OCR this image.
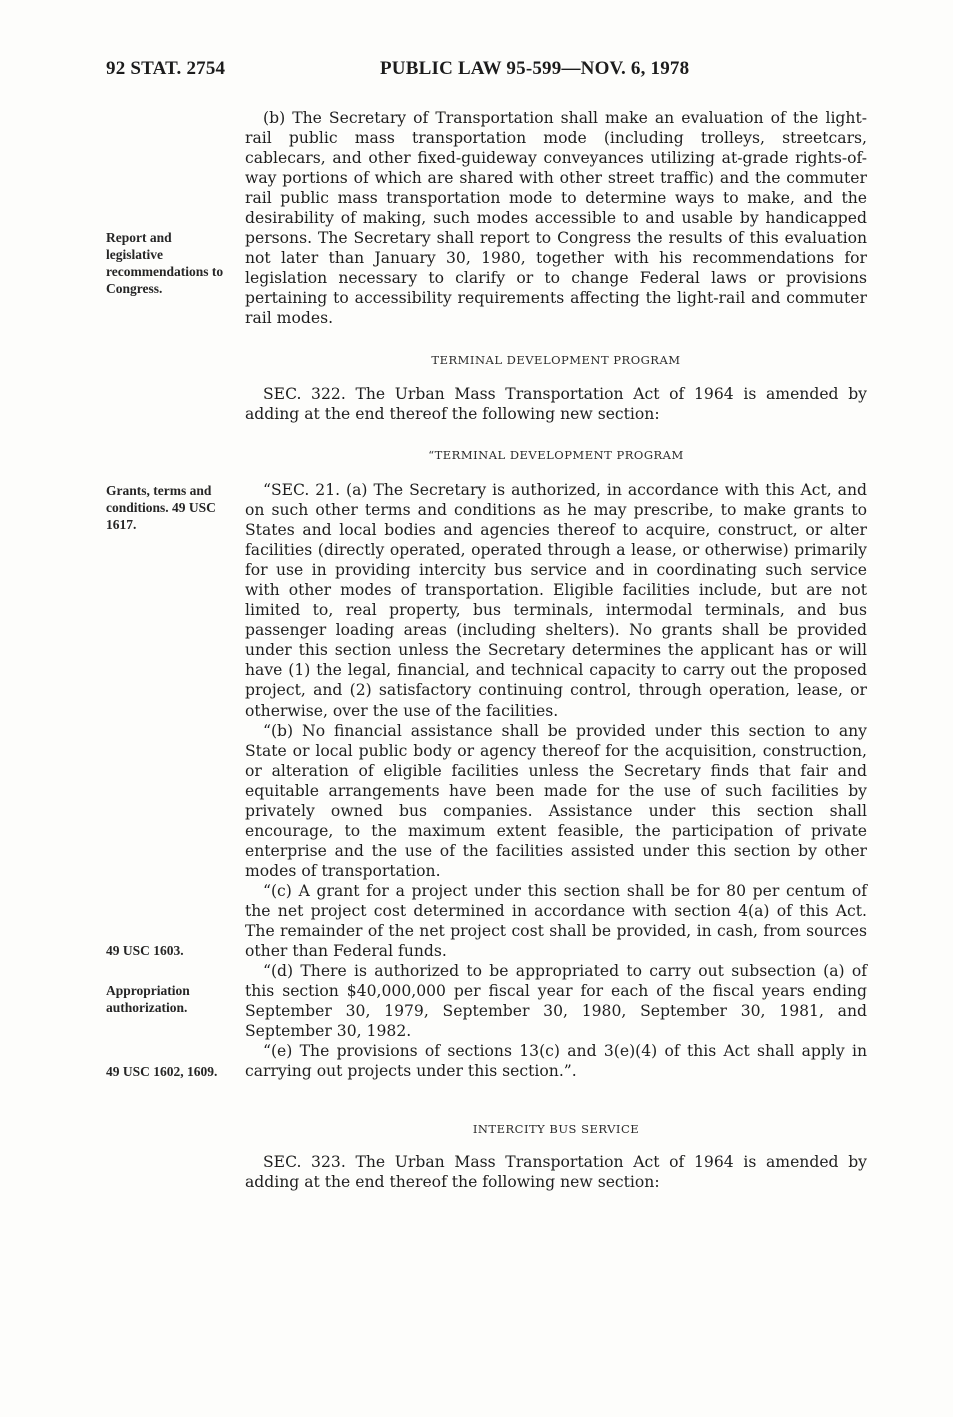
92 STAT. 2754	PUBLIC LAW 95-599—NOV. 6, 1978
Report and legislative recommendations to Congress.
Grants, terms and conditions. 49 USC 1617.
49 USC 1603.
Appropriation authorization.
49 USC 1602, 1609.

(b) The Secretary of Transportation shall make an evaluation of the light-rail public mass transportation mode (including trolleys, streetcars, cablecars, and other fixed-guideway conveyances utilizing at-grade rights-of-way portions of which are shared with other street traffic) and the commuter rail public mass transportation mode to determine ways to make, and the desirability of making, such modes accessible to and usable by handicapped persons. The Secretary shall report to Congress the results of this evaluation not later than January 30, 1980, together with his recommendations for legislation necessary to clarify or to change Federal laws or provisions pertaining to accessibility requirements affecting the light-rail and commuter rail modes.

TERMINAL DEVELOPMENT PROGRAM

SEC. 322. The Urban Mass Transportation Act of 1964 is amended by adding at the end thereof the following new section:

“TERMINAL DEVELOPMENT PROGRAM

“SEC. 21. (a) The Secretary is authorized, in accordance with this Act, and on such other terms and conditions as he may prescribe, to make grants to States and local bodies and agencies thereof to acquire, construct, or alter facilities (directly operated, operated through a lease, or otherwise) primarily for use in providing intercity bus service and in coordinating such service with other modes of transportation. Eligible facilities include, but are not limited to, real property, bus terminals, intermodal terminals, and bus passenger loading areas (including shelters). No grants shall be provided under this section unless the Secretary determines the applicant has or will have (1) the legal, financial, and technical capacity to carry out the proposed project, and (2) satisfactory continuing control, through operation, lease, or otherwise, over the use of the facilities.

“(b) No financial assistance shall be provided under this section to any State or local public body or agency thereof for the acquisition, construction, or alteration of eligible facilities unless the Secretary finds that fair and equitable arrangements have been made for the use of such facilities by privately owned bus companies. Assistance under this section shall encourage, to the maximum extent feasible, the participation of private enterprise and the use of the facilities assisted under this section by other modes of transportation.

“(c) A grant for a project under this section shall be for 80 per centum of the net project cost determined in accordance with section 4(a) of this Act. The remainder of the net project cost shall be provided, in cash, from sources other than Federal funds.

“(d) There is authorized to be appropriated to carry out subsection (a) of this section $40,000,000 per fiscal year for each of the fiscal years ending September 30, 1979, September 30, 1980, September 30, 1981, and September 30, 1982.

“(e) The provisions of sections 13(c) and 3(e)(4) of this Act shall apply in carrying out projects under this section.”.

INTERCITY BUS SERVICE

SEC. 323. The Urban Mass Transportation Act of 1964 is amended by adding at the end thereof the following new section:
